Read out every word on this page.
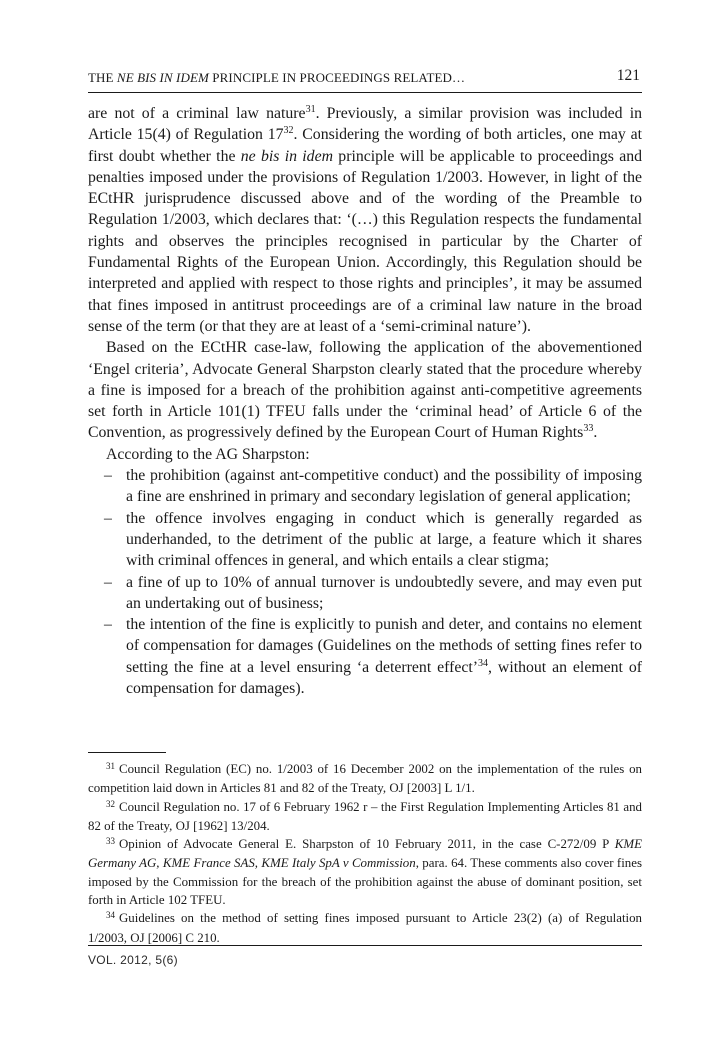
THE NE BIS IN IDEM PRINCIPLE IN PROCEEDINGS RELATED…	121

are not of a criminal law nature$^{31}$. Previously, a similar provision was included in Article 15(4) of Regulation $17^{32}$. Considering the wording of both articles, one may at first doubt whether the ne bis in idem principle will be applicable to proceedings and penalties imposed under the provisions of Regulation 1/2003. However, in light of the ECtHR jurisprudence discussed above and of the wording of the Preamble to Regulation 1/2003, which declares that: ‘(…) this Regulation respects the fundamental rights and observes the principles recognised in particular by the Charter of Fundamental Rights of the European Union. Accordingly, this Regulation should be interpreted and applied with respect to those rights and principles’, it may be assumed that fines imposed in antitrust proceedings are of a criminal law nature in the broad sense of the term (or that they are at least of a ‘semi-criminal nature’).

Based on the ECtHR case-law, following the application of the abovementioned ‘Engel criteria’, Advocate General Sharpston clearly stated that the procedure whereby a fine is imposed for a breach of the prohibition against anti-competitive agreements set forth in Article 101(1) TFEU falls under the ‘criminal head’ of Article 6 of the Convention, as progressively defined by the European Court of Human Rights$^{33}$.

According to the AG Sharpston:

– the prohibition (against ant-competitive conduct) and the possibility of imposing a fine are enshrined in primary and secondary legislation of general application;
– the offence involves engaging in conduct which is generally regarded as underhanded, to the detriment of the public at large, a feature which it shares with criminal offences in general, and which entails a clear stigma;
– a fine of up to 10% of annual turnover is undoubtedly severe, and may even put an undertaking out of business;
– the intention of the fine is explicitly to punish and deter, and contains no element of compensation for damages (Guidelines on the methods of setting fines refer to setting the fine at a level ensuring ‘a deterrent effect’$^{34}$, without an element of compensation for damages).

$^{31}$ Council Regulation (EC) no. 1/2003 of 16 December 2002 on the implementation of the rules on competition laid down in Articles 81 and 82 of the Treaty, OJ [2003] L 1/1.

$^{32}$ Council Regulation no. 17 of 6 February 1962 r – the First Regulation Implementing Articles 81 and 82 of the Treaty, OJ [1962] 13/204.

$^{33}$ Opinion of Advocate General E. Sharpston of 10 February 2011, in the case C-272/09 P KME Germany AG, KME France SAS, KME Italy SpA v Commission, para. 64. These comments also cover fines imposed by the Commission for the breach of the prohibition against the abuse of dominant position, set forth in Article 102 TFEU.

$^{34}$ Guidelines on the method of setting fines imposed pursuant to Article 23(2) (a) of Regulation 1/2003, OJ [2006] C 210.

VOL. 2012, 5(6)
